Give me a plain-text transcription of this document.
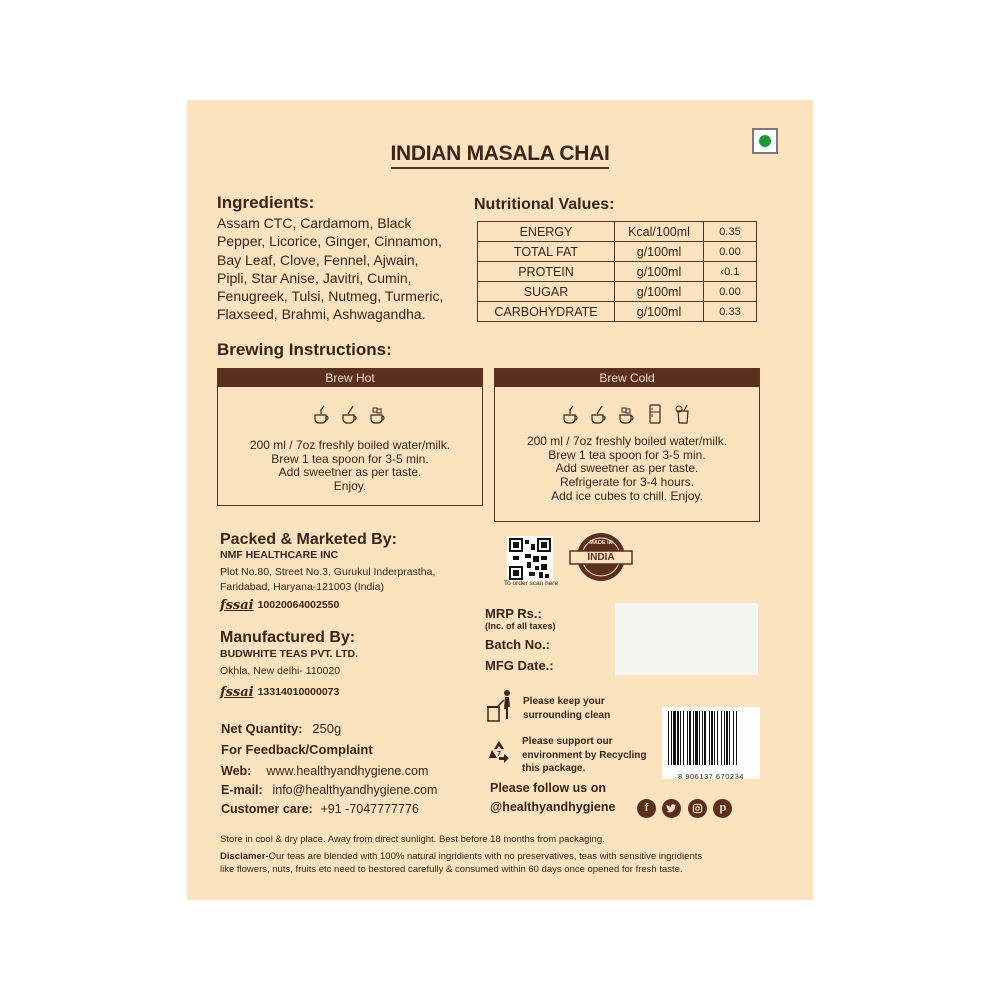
INDIAN MASALA CHAI
Ingredients:
Assam CTC, Cardamom, Black
Pepper, Licorice, Ginger, Cinnamon,
Bay Leaf, Clove, Fennel, Ajwain,
Pipli, Star Anise, Javitri, Cumin,
Fenugreek, Tulsi, Nutmeg, Turmeric,
Flaxseed, Brahmi, Ashwagandha.
Nutritional Values:
ENERGY	Kcal/100ml	0.35
TOTAL FAT	g/100ml	0.00
PROTEIN	g/100ml	‹0.1
SUGAR	g/100ml	0.00
CARBOHYDRATE	g/100ml	0.33
Brewing Instructions:
Brew Hot
200 ml / 7oz freshly boiled water/milk.
Brew 1 tea spoon for 3-5 min.
Add sweetner as per taste.
Enjoy.
Brew Cold
200 ml / 7oz freshly boiled water/milk.
Brew 1 tea spoon for 3-5 min.
Add sweetner as per taste.
Refrigerate for 3-4 hours.
Add ice cubes to chill. Enjoy.
Packed & Marketed By:
NMF HEALTHCARE INC
Plot No.80, Street No.3, Gurukul Inderprastha,
Faridabad, Haryana-121003 (India)
fssai 10020064002550
Manufactured By:
BUDWHITE TEAS PVT. LTD.
Okhla, New delhi- 110020
fssai 13314010000073
Net Quantity: 250g
For Feedback/Complaint
Web: www.healthyandhygiene.com
E-mail: info@healthyandhygiene.com
Customer care: +91 -7047777776
To order scan here
MADE IN
INDIA
MRP Rs.:
(Inc. of all taxes)
Batch No.:
MFG Date.:
Please keep your
surrounding clean
7
Please support our
environment by Recycling
this package.
8 906137 670234
Please follow us on
@healthyandhygiene	f	p
Store in cool & dry place. Away from direct sunlight. Best before 18 months from packaging.
Disclamer-Our teas are blended with 100% natural ingridients with no preservatives, teas with sensitive ingridients
like flowers, nuts, fruits etc need to bestored carefully & consumed within 60 days once opened for fresh taste.
